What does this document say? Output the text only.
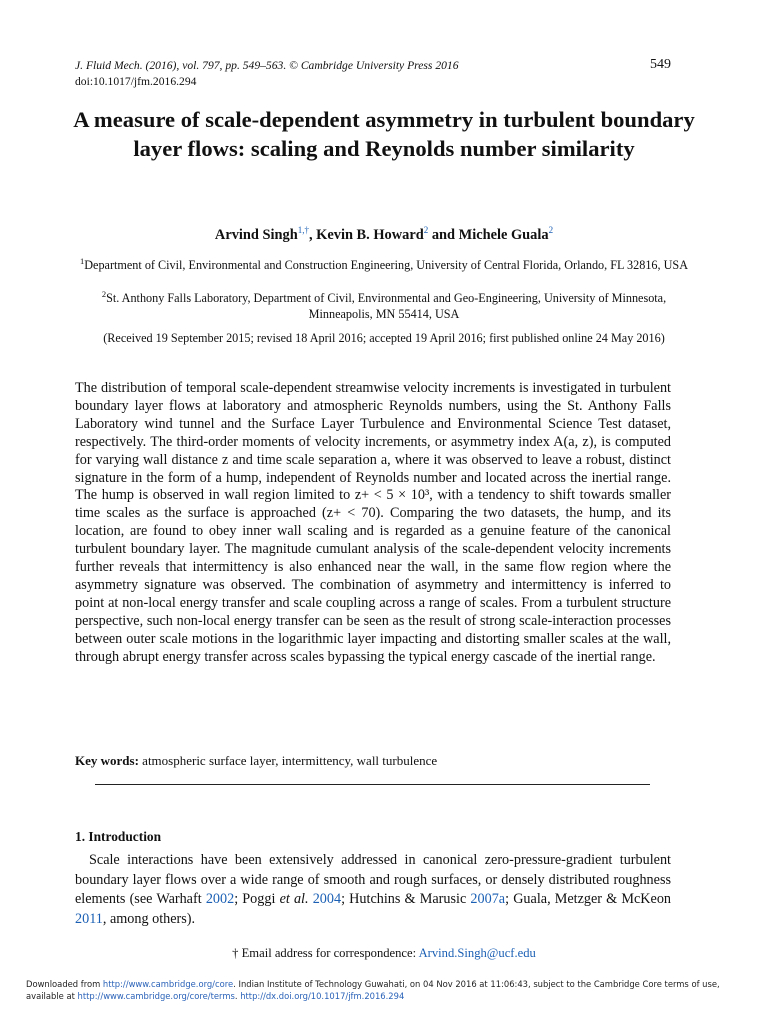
J. Fluid Mech. (2016), vol. 797, pp. 549–563. © Cambridge University Press 2016
doi:10.1017/jfm.2016.294
549
A measure of scale-dependent asymmetry in turbulent boundary layer flows: scaling and Reynolds number similarity
Arvind Singh$^{1,\dagger}$, Kevin B. Howard$^2$ and Michele Guala$^2$
$^1$Department of Civil, Environmental and Construction Engineering, University of Central Florida, Orlando, FL 32816, USA
$^2$St. Anthony Falls Laboratory, Department of Civil, Environmental and Geo-Engineering, University of Minnesota, Minneapolis, MN 55414, USA
(Received 19 September 2015; revised 18 April 2016; accepted 19 April 2016; first published online 24 May 2016)
The distribution of temporal scale-dependent streamwise velocity increments is investigated in turbulent boundary layer flows at laboratory and atmospheric Reynolds numbers, using the St. Anthony Falls Laboratory wind tunnel and the Surface Layer Turbulence and Environmental Science Test dataset, respectively. The third-order moments of velocity increments, or asymmetry index A(a, z), is computed for varying wall distance z and time scale separation a, where it was observed to leave a robust, distinct signature in the form of a hump, independent of Reynolds number and located across the inertial range. The hump is observed in wall region limited to z+ < 5 × 10³, with a tendency to shift towards smaller time scales as the surface is approached (z+ < 70). Comparing the two datasets, the hump, and its location, are found to obey inner wall scaling and is regarded as a genuine feature of the canonical turbulent boundary layer. The magnitude cumulant analysis of the scale-dependent velocity increments further reveals that intermittency is also enhanced near the wall, in the same flow region where the asymmetry signature was observed. The combination of asymmetry and intermittency is inferred to point at non-local energy transfer and scale coupling across a range of scales. From a turbulent structure perspective, such non-local energy transfer can be seen as the result of strong scale-interaction processes between outer scale motions in the logarithmic layer impacting and distorting smaller scales at the wall, through abrupt energy transfer across scales bypassing the typical energy cascade of the inertial range.
Key words: atmospheric surface layer, intermittency, wall turbulence
1. Introduction
Scale interactions have been extensively addressed in canonical zero-pressure-gradient turbulent boundary layer flows over a wide range of smooth and rough surfaces, or densely distributed roughness elements (see Warhaft 2002; Poggi et al. 2004; Hutchins & Marusic 2007a; Guala, Metzger & McKeon 2011, among others).
† Email address for correspondence: Arvind.Singh@ucf.edu
Downloaded from http://www.cambridge.org/core. Indian Institute of Technology Guwahati, on 04 Nov 2016 at 11:06:43, subject to the Cambridge Core terms of use, available at http://www.cambridge.org/core/terms. http://dx.doi.org/10.1017/jfm.2016.294
